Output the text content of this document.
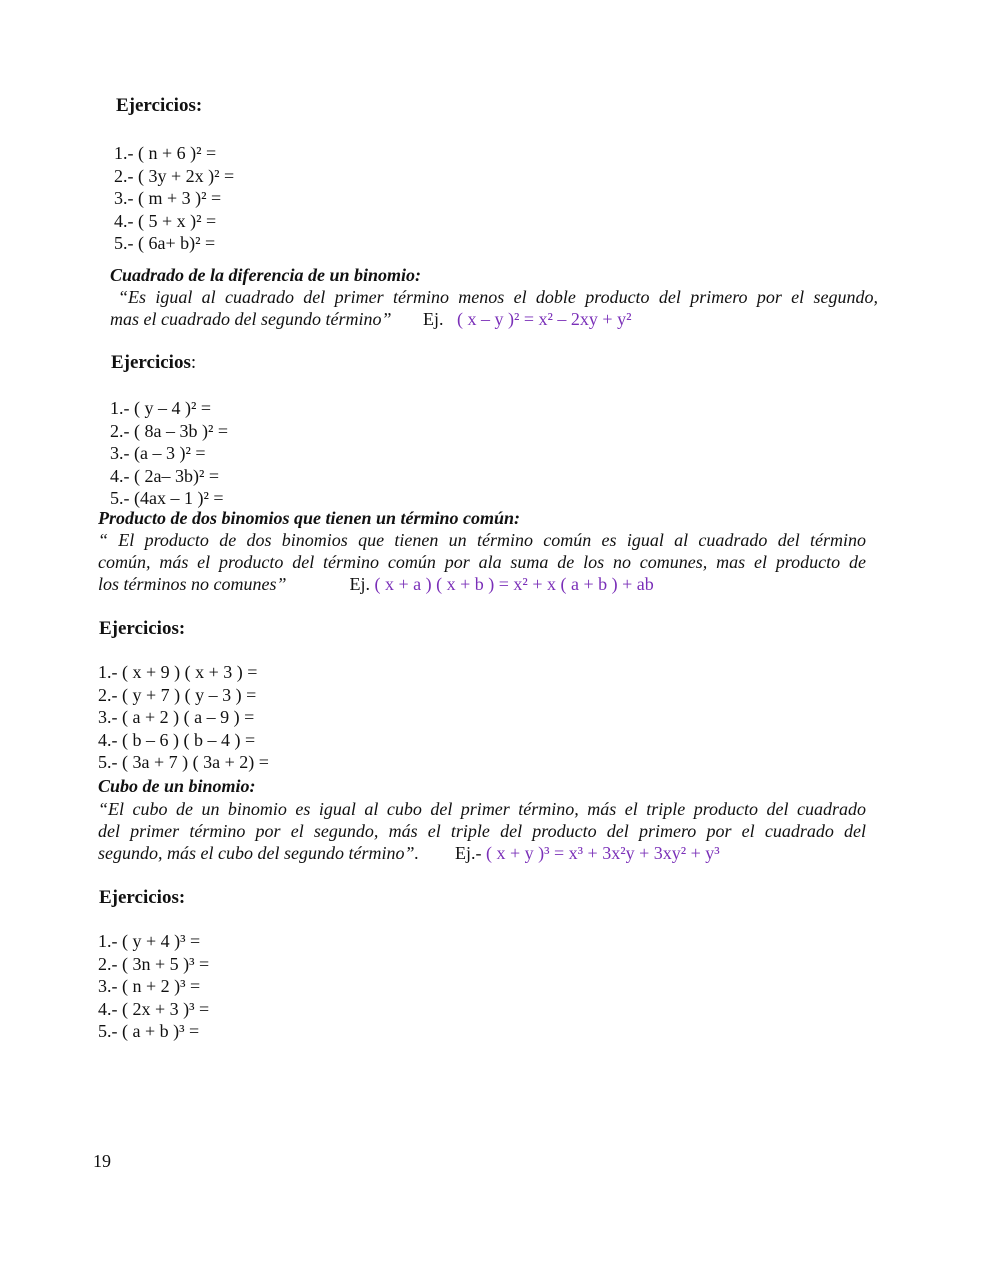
Ejercicios:
1.- ( n + 6 )² =
2.- ( 3y + 2x )² =
3.- ( m + 3 )² =
4.- ( 5 + x )² =
5.- ( 6a+ b)² =
Cuadrado de la diferencia de un binomio:
“Es igual al cuadrado del primer término menos el doble producto del primero por el segundo,
mas el cuadrado del segundo término” Ej. ( x – y )² = x² – 2xy + y²
Ejercicios:
1.- ( y – 4 )² =
2.- ( 8a – 3b )² =
3.- (a – 3 )² =
4.- ( 2a– 3b)² =
5.- (4ax – 1 )² =
Producto de dos binomios que tienen un término común:
“ El producto de dos binomios que tienen un término común es igual al cuadrado del término
común, más el producto del término común por ala suma de los no comunes, mas el producto de
los términos no comunes”	Ej. ( x + a ) ( x + b ) = x² + x ( a + b ) + ab
Ejercicios:
1.- ( x + 9 ) ( x + 3 ) =
2.- ( y + 7 ) ( y – 3 ) =
3.- ( a + 2 ) ( a – 9 ) =
4.- ( b – 6 ) ( b – 4 ) =
5.- ( 3a + 7 ) ( 3a + 2) =
Cubo de un binomio:
“El cubo de un binomio es igual al cubo del primer término, más el triple producto del cuadrado
del primer término por el segundo, más el triple del producto del primero por el cuadrado del
segundo, más el cubo del segundo término”. Ej.- ( x + y )³ = x³ + 3x²y + 3xy² + y³
Ejercicios:
1.- ( y + 4 )³ =
2.- ( 3n + 5 )³ =
3.- ( n + 2 )³ =
4.- ( 2x + 3 )³ =
5.- ( a + b )³ =
19
